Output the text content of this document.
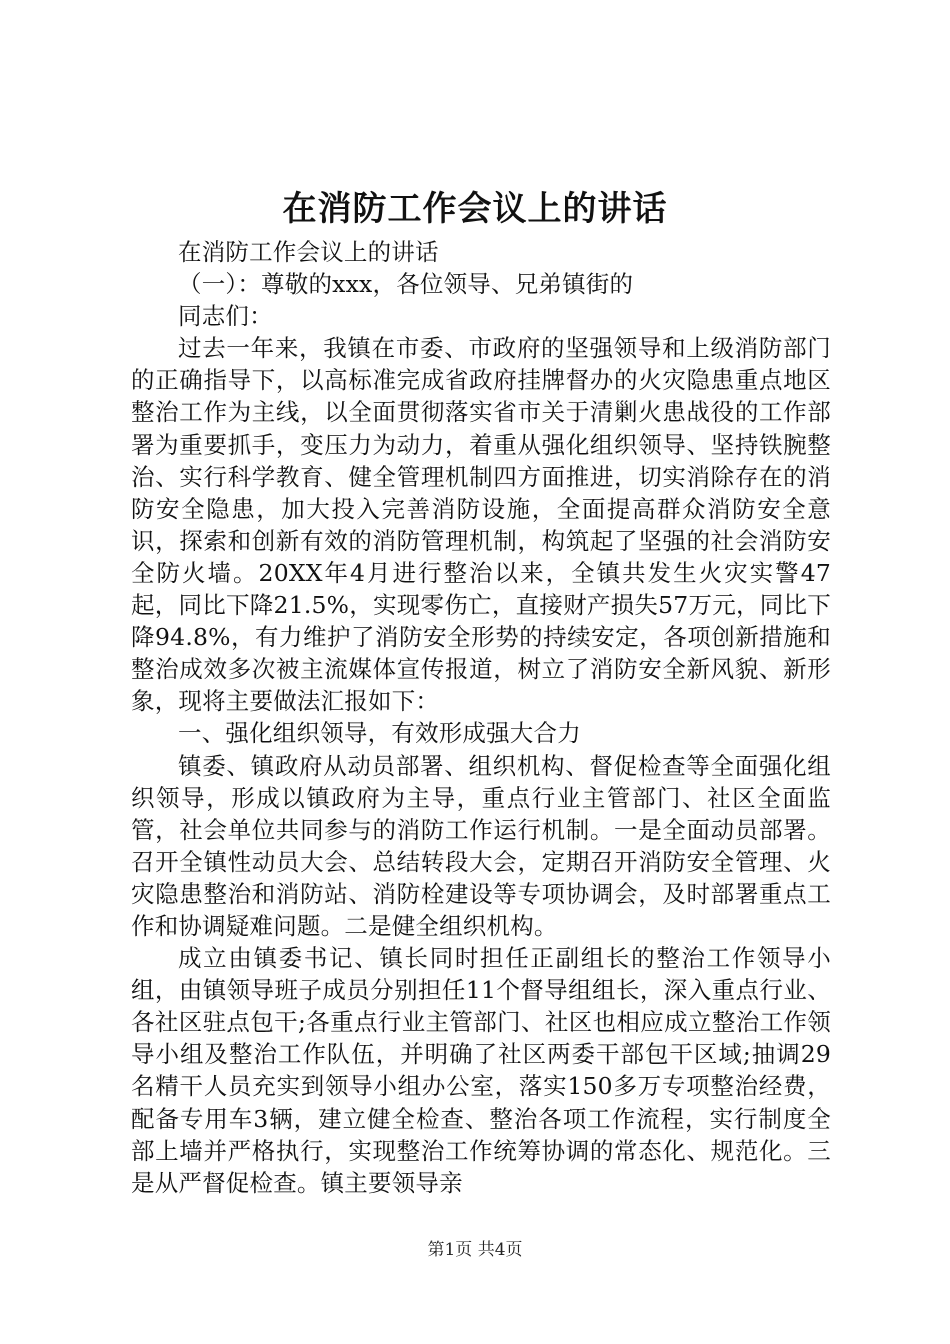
在消防工作会议上的讲话

在消防工作会议上的讲话

（一）：尊敬的xxx，各位领导、兄弟镇街的

同志们：

过去一年来，我镇在市委、市政府的坚强领导和上级消防部门的正确指导下，以高标准完成省政府挂牌督办的火灾隐患重点地区整治工作为主线，以全面贯彻落实省市关于清剿火患战役的工作部署为重要抓手，变压力为动力，着重从强化组织领导、坚持铁腕整治、实行科学教育、健全管理机制四方面推进，切实消除存在的消防安全隐患，加大投入完善消防设施，全面提高群众消防安全意识，探索和创新有效的消防管理机制，构筑起了坚强的社会消防安全防火墙。20XX年4月进行整治以来，全镇共发生火灾实警47起，同比下降21.5%，实现零伤亡，直接财产损失57万元，同比下降94.8%，有力维护了消防安全形势的持续安定，各项创新措施和整治成效多次被主流媒体宣传报道，树立了消防安全新风貌、新形象，现将主要做法汇报如下：

一、强化组织领导，有效形成强大合力

镇委、镇政府从动员部署、组织机构、督促检查等全面强化组织领导，形成以镇政府为主导，重点行业主管部门、社区全面监管，社会单位共同参与的消防工作运行机制。一是全面动员部署。召开全镇性动员大会、总结转段大会，定期召开消防安全管理、火灾隐患整治和消防站、消防栓建设等专项协调会，及时部署重点工作和协调疑难问题。二是健全组织机构。

成立由镇委书记、镇长同时担任正副组长的整治工作领导小组，由镇领导班子成员分别担任11个督导组组长，深入重点行业、各社区驻点包干;各重点行业主管部门、社区也相应成立整治工作领导小组及整治工作队伍，并明确了社区两委干部包干区域;抽调29名精干人员充实到领导小组办公室，落实150多万专项整治经费，配备专用车3辆，建立健全检查、整治各项工作流程，实行制度全部上墙并严格执行，实现整治工作统筹协调的常态化、规范化。三是从严督促检查。镇主要领导亲

第1页 共4页
